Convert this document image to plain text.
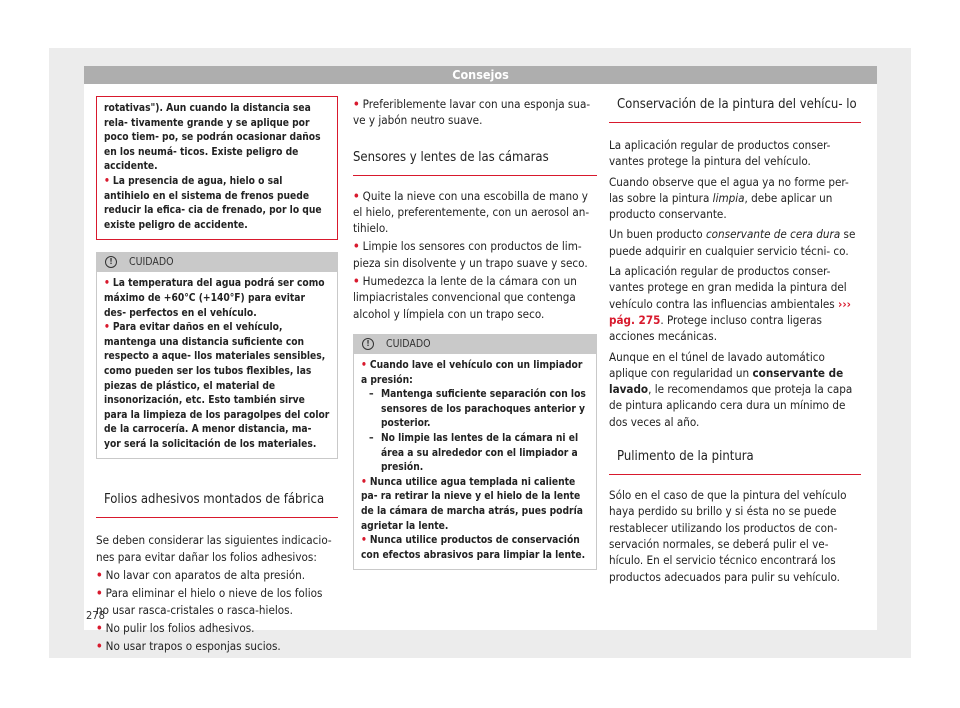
Consejos

rotativas"). Aun cuando la distancia sea rela- tivamente grande y se aplique por poco tiem- po, se podrán ocasionar daños en los neumá- ticos. Existe peligro de accidente.

• La presencia de agua, hielo o sal antihielo en el sistema de frenos puede reducir la efica- cia de frenado, por lo que existe peligro de accidente.

! CUIDADO

• La temperatura del agua podrá ser como máximo de +60°C (+140°F) para evitar des- perfectos en el vehículo.

• Para evitar daños en el vehículo, mantenga una distancia suficiente con respecto a aque- llos materiales sensibles, como pueden ser los tubos flexibles, las piezas de plástico, el material de insonorización, etc. Esto también sirve para la limpieza de los paragolpes del color de la carrocería. A menor distancia, ma- yor será la solicitación de los materiales.

Folios adhesivos montados de fábrica

Se deben considerar las siguientes indicacio- nes para evitar dañar los folios adhesivos:

• No lavar con aparatos de alta presión.

• Para eliminar el hielo o nieve de los folios no usar rasca-cristales o rasca-hielos.

• No pulir los folios adhesivos.

• No usar trapos o esponjas sucios.

• Preferiblemente lavar con una esponja sua- ve y jabón neutro suave.

Sensores y lentes de las cámaras

• Quite la nieve con una escobilla de mano y el hielo, preferentemente, con un aerosol an- tihielo.

• Limpie los sensores con productos de lim- pieza sin disolvente y un trapo suave y seco.

• Humedezca la lente de la cámara con un limpiacristales convencional que contenga alcohol y límpiela con un trapo seco.

! CUIDADO

• Cuando lave el vehículo con un limpiador a presión:

– Mantenga suficiente separación con los sensores de los parachoques anterior y posterior.

– No limpie las lentes de la cámara ni el área a su alrededor con el limpiador a presión.

• Nunca utilice agua templada ni caliente pa- ra retirar la nieve y el hielo de la lente de la cámara de marcha atrás, pues podría agrietar la lente.

• Nunca utilice productos de conservación con efectos abrasivos para limpiar la lente.

Conservación de la pintura del vehícu- lo

La aplicación regular de productos conser- vantes protege la pintura del vehículo.

Cuando observe que el agua ya no forme per- las sobre la pintura limpia, debe aplicar un producto conservante.

Un buen producto conservante de cera dura se puede adquirir en cualquier servicio técni- co.

La aplicación regular de productos conser- vantes protege en gran medida la pintura del vehículo contra las influencias ambientales ››› pág. 275. Protege incluso contra ligeras acciones mecánicas.

Aunque en el túnel de lavado automático aplique con regularidad un conservante de lavado, le recomendamos que proteja la capa de pintura aplicando cera dura un mínimo de dos veces al año.

Pulimento de la pintura

Sólo en el caso de que la pintura del vehículo haya perdido su brillo y si ésta no se puede restablecer utilizando los productos de con- servación normales, se deberá pulir el ve- hículo. En el servicio técnico encontrará los productos adecuados para pulir su vehículo.

278
